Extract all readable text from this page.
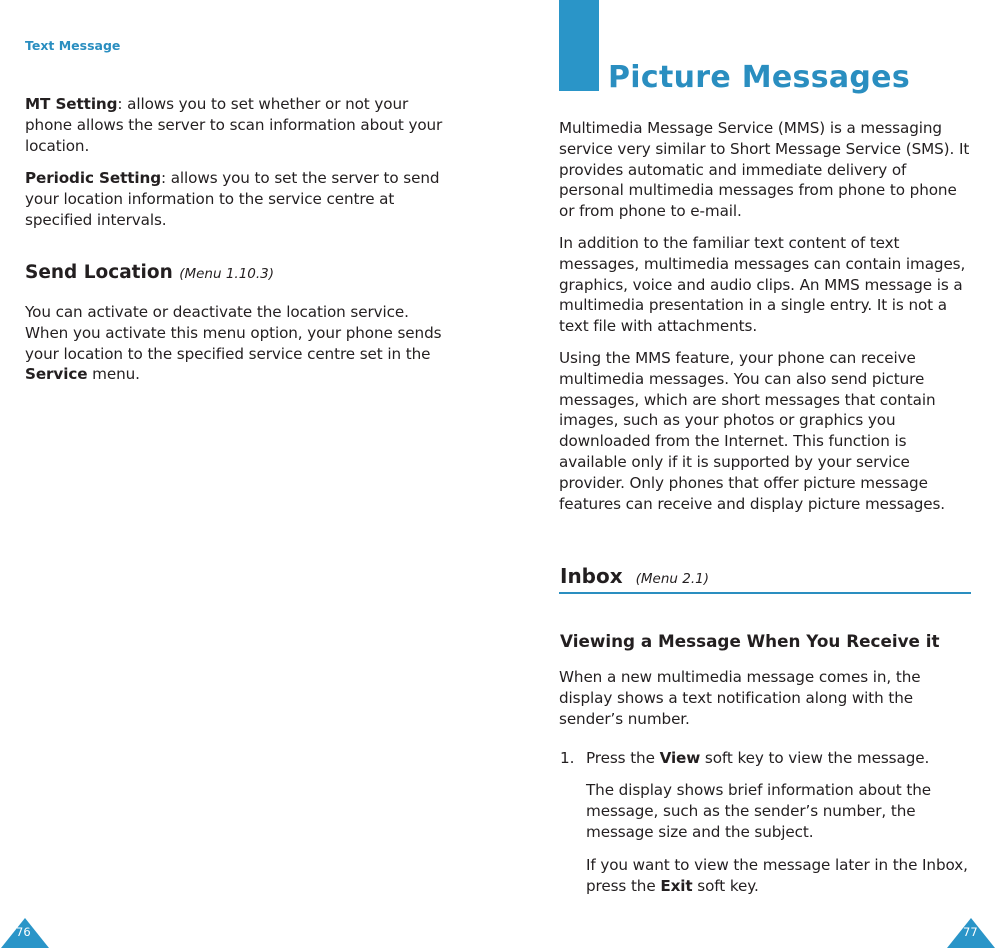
Text Message
MT Setting: allows you to set whether or not your phone allows the server to scan information about your location.
Periodic Setting: allows you to set the server to send your location information to the service centre at specified intervals.
Send Location (Menu 1.10.3)
You can activate or deactivate the location service. When you activate this menu option, your phone sends your location to the specified service centre set in the Service menu.
76
Picture Messages
Multimedia Message Service (MMS) is a messaging service very similar to Short Message Service (SMS). It provides automatic and immediate delivery of personal multimedia messages from phone to phone or from phone to e-mail.
In addition to the familiar text content of text messages, multimedia messages can contain images, graphics, voice and audio clips. An MMS message is a multimedia presentation in a single entry. It is not a text file with attachments.
Using the MMS feature, your phone can receive multimedia messages. You can also send picture messages, which are short messages that contain images, such as your photos or graphics you downloaded from the Internet. This function is available only if it is supported by your service provider. Only phones that offer picture message features can receive and display picture messages.
Inbox (Menu 2.1)
Viewing a Message When You Receive it
When a new multimedia message comes in, the display shows a text notification along with the sender’s number.
1. Press the View soft key to view the message.
The display shows brief information about the message, such as the sender’s number, the message size and the subject.
If you want to view the message later in the Inbox, press the Exit soft key.
77
